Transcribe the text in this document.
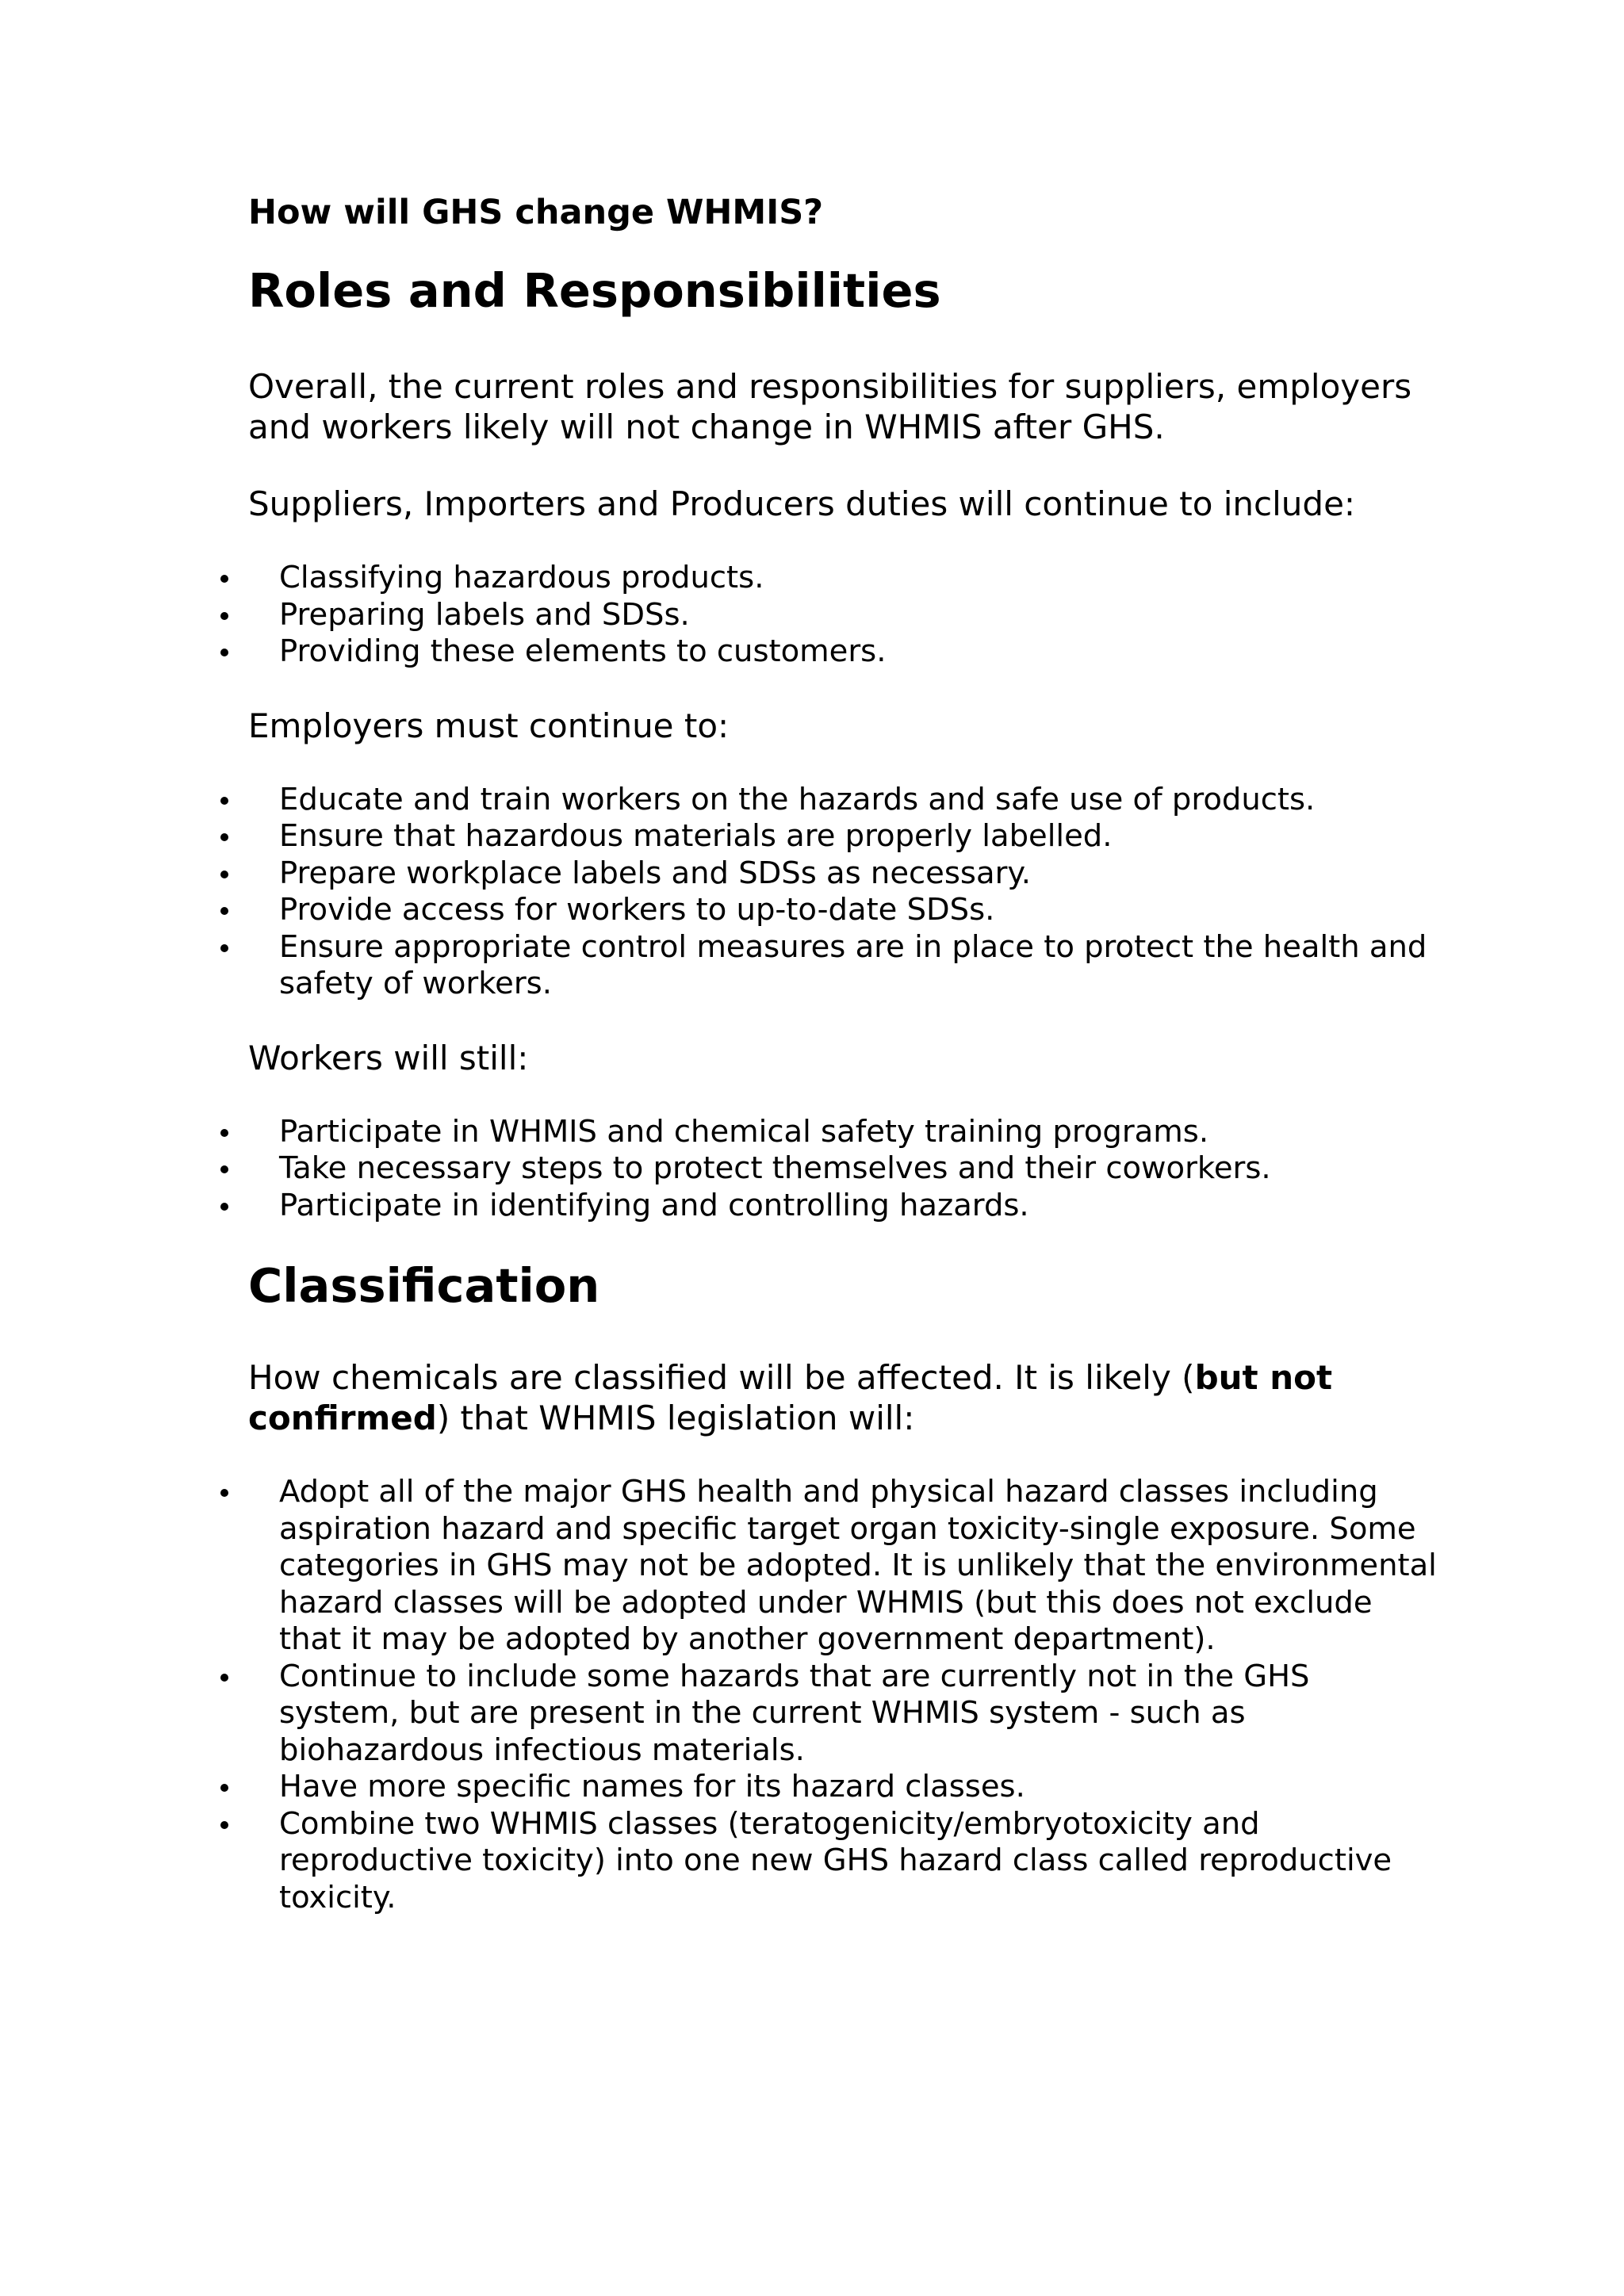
How will GHS change WHMIS?
Roles and Responsibilities

Overall, the current roles and responsibilities for suppliers, employers and workers likely will not change in WHMIS after GHS.

Suppliers, Importers and Producers duties will continue to include:

Classifying hazardous products.
Preparing labels and SDSs.
Providing these elements to customers.

Employers must continue to:

Educate and train workers on the hazards and safe use of products.
Ensure that hazardous materials are properly labelled.
Prepare workplace labels and SDSs as necessary.
Provide access for workers to up-to-date SDSs.
Ensure appropriate control measures are in place to protect the health and safety of workers.

Workers will still:

Participate in WHMIS and chemical safety training programs.
Take necessary steps to protect themselves and their coworkers.
Participate in identifying and controlling hazards.
Classification

How chemicals are classified will be affected. It is likely (but not confirmed) that WHMIS legislation will:

Adopt all of the major GHS health and physical hazard classes including aspiration hazard and specific target organ toxicity-single exposure. Some categories in GHS may not be adopted. It is unlikely that the environmental hazard classes will be adopted under WHMIS (but this does not exclude that it may be adopted by another government department).
Continue to include some hazards that are currently not in the GHS system, but are present in the current WHMIS system - such as biohazardous infectious materials.
Have more specific names for its hazard classes.
Combine two WHMIS classes (teratogenicity/embryotoxicity and reproductive toxicity) into one new GHS hazard class called reproductive toxicity.
